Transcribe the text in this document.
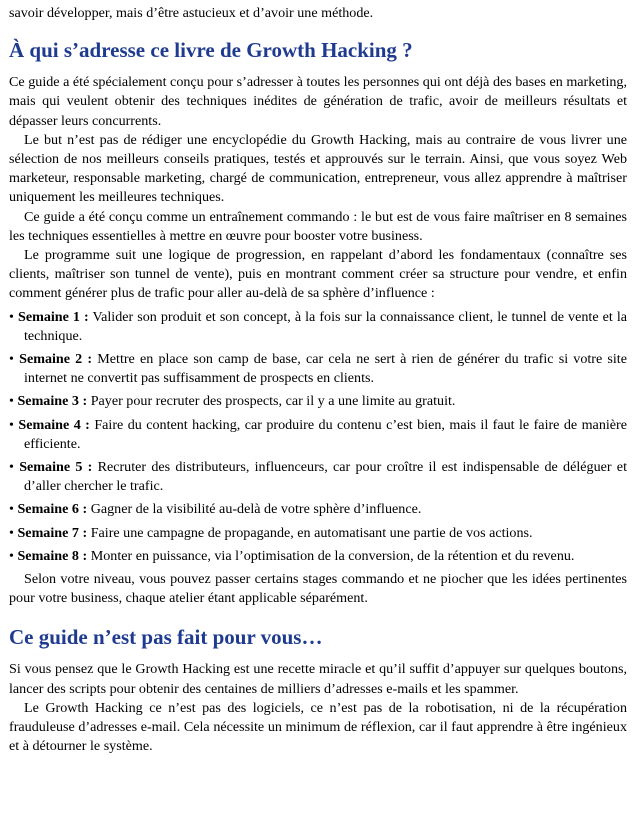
savoir développer, mais d’être astucieux et d’avoir une méthode.

À qui s’adresse ce livre de Growth Hacking ?

Ce guide a été spécialement conçu pour s’adresser à toutes les personnes qui ont déjà des bases en marketing, mais qui veulent obtenir des techniques inédites de génération de trafic, avoir de meilleurs résultats et dépasser leurs concurrents.

Le but n’est pas de rédiger une encyclopédie du Growth Hacking, mais au contraire de vous livrer une sélection de nos meilleurs conseils pratiques, testés et approuvés sur le terrain. Ainsi, que vous soyez Web marketeur, responsable marketing, chargé de communication, entrepreneur, vous allez apprendre à maîtriser uniquement les meilleures techniques.

Ce guide a été conçu comme un entraînement commando : le but est de vous faire maîtriser en 8 semaines les techniques essentielles à mettre en œuvre pour booster votre business.

Le programme suit une logique de progression, en rappelant d’abord les fondamentaux (connaître ses clients, maîtriser son tunnel de vente), puis en montrant comment créer sa structure pour vendre, et enfin comment générer plus de trafic pour aller au-delà de sa sphère d’influence :

• Semaine 1 : Valider son produit et son concept, à la fois sur la connaissance client, le tunnel de vente et la technique.

• Semaine 2 : Mettre en place son camp de base, car cela ne sert à rien de générer du trafic si votre site internet ne convertit pas suffisamment de prospects en clients.

• Semaine 3 : Payer pour recruter des prospects, car il y a une limite au gratuit.

• Semaine 4 : Faire du content hacking, car produire du contenu c’est bien, mais il faut le faire de manière efficiente.

• Semaine 5 : Recruter des distributeurs, influenceurs, car pour croître il est indispensable de déléguer et d’aller chercher le trafic.

• Semaine 6 : Gagner de la visibilité au-delà de votre sphère d’influence.

• Semaine 7 : Faire une campagne de propagande, en automatisant une partie de vos actions.

• Semaine 8 : Monter en puissance, via l’optimisation de la conversion, de la rétention et du revenu.

Selon votre niveau, vous pouvez passer certains stages commando et ne piocher que les idées pertinentes pour votre business, chaque atelier étant applicable séparément.

Ce guide n’est pas fait pour vous…

Si vous pensez que le Growth Hacking est une recette miracle et qu’il suffit d’appuyer sur quelques boutons, lancer des scripts pour obtenir des centaines de milliers d’adresses e-mails et les spammer.

Le Growth Hacking ce n’est pas des logiciels, ce n’est pas de la robotisation, ni de la récupération frauduleuse d’adresses e-mail. Cela nécessite un minimum de réflexion, car il faut apprendre à être ingénieux et à détourner le système.
